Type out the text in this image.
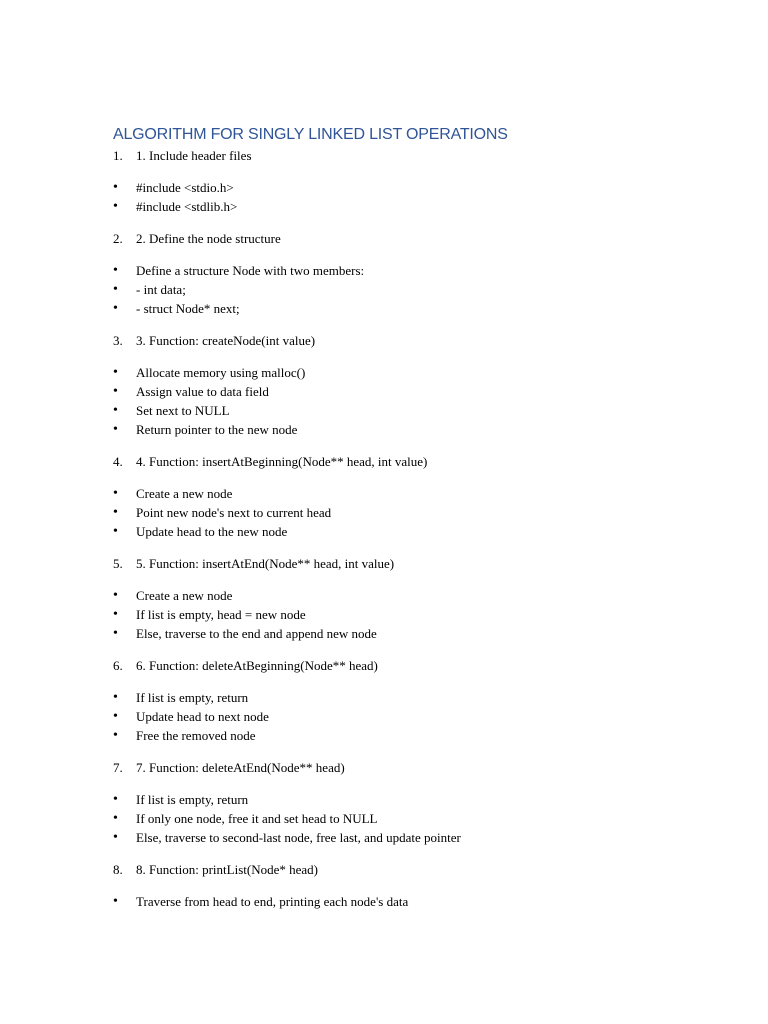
ALGORITHM FOR SINGLY LINKED LIST OPERATIONS
1. 1. Include header files
• #include <stdio.h>
• #include <stdlib.h>
2. 2. Define the node structure
• Define a structure Node with two members:
• - int data;
• - struct Node* next;
3. 3. Function: createNode(int value)
• Allocate memory using malloc()
• Assign value to data field
• Set next to NULL
• Return pointer to the new node
4. 4. Function: insertAtBeginning(Node** head, int value)
• Create a new node
• Point new node's next to current head
• Update head to the new node
5. 5. Function: insertAtEnd(Node** head, int value)
• Create a new node
• If list is empty, head = new node
• Else, traverse to the end and append new node
6. 6. Function: deleteAtBeginning(Node** head)
• If list is empty, return
• Update head to next node
• Free the removed node
7. 7. Function: deleteAtEnd(Node** head)
• If list is empty, return
• If only one node, free it and set head to NULL
• Else, traverse to second-last node, free last, and update pointer
8. 8. Function: printList(Node* head)
• Traverse from head to end, printing each node's data
